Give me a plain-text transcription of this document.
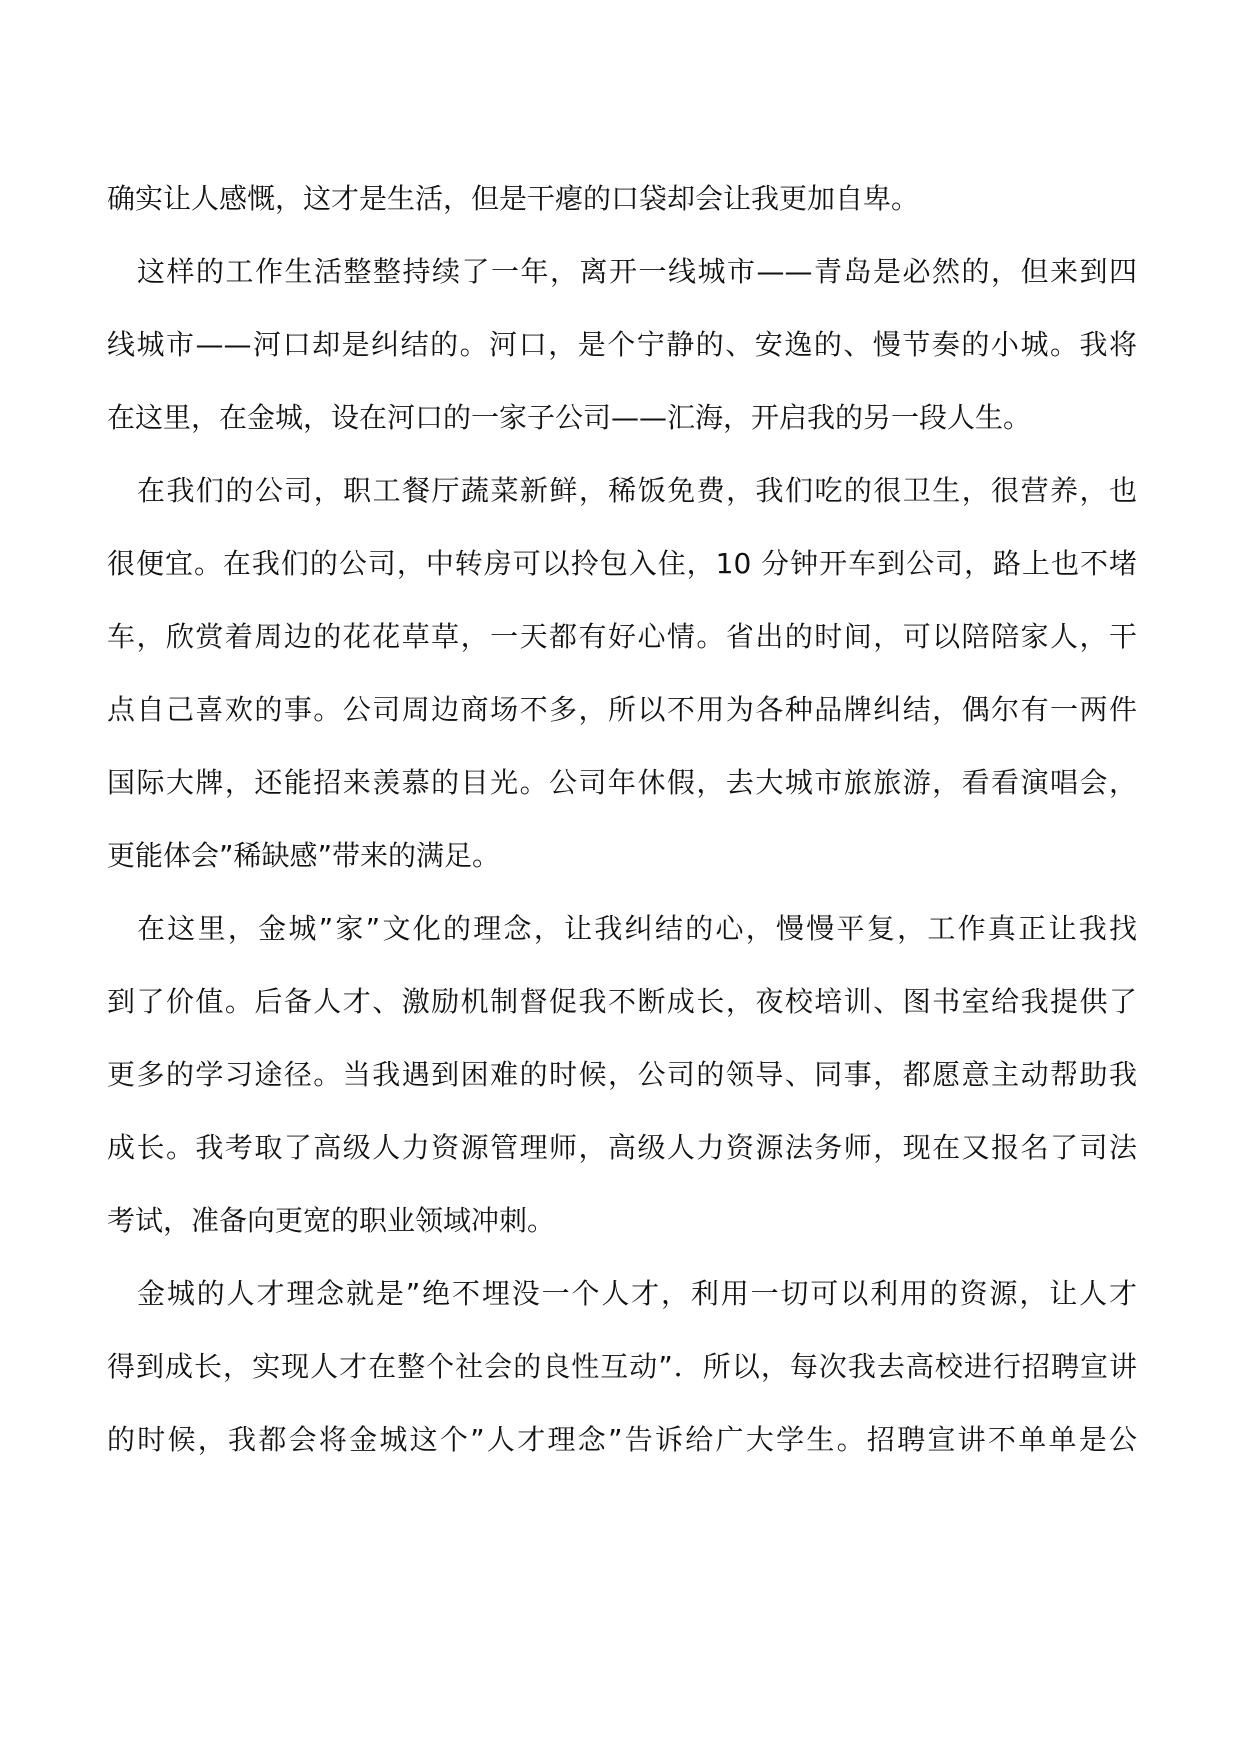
确实让人感慨，这才是生活，但是干瘪的口袋却会让我更加自卑。
这样的工作生活整整持续了一年，离开一线城市——青岛是必然的，但来到四
线城市——河口却是纠结的。河口，是个宁静的、安逸的、慢节奏的小城。我将
在这里，在金城，设在河口的一家子公司——汇海，开启我的另一段人生。
在我们的公司，职工餐厅蔬菜新鲜，稀饭免费，我们吃的很卫生，很营养，也
很便宜。在我们的公司，中转房可以拎包入住，10 分钟开车到公司，路上也不堵
车，欣赏着周边的花花草草，一天都有好心情。省出的时间，可以陪陪家人，干
点自己喜欢的事。公司周边商场不多，所以不用为各种品牌纠结，偶尔有一两件
国际大牌，还能招来羡慕的目光。公司年休假，去大城市旅旅游，看看演唱会，
更能体会”稀缺感”带来的满足。
在这里，金城”家”文化的理念，让我纠结的心，慢慢平复，工作真正让我找
到了价值。后备人才、激励机制督促我不断成长，夜校培训、图书室给我提供了
更多的学习途径。当我遇到困难的时候，公司的领导、同事，都愿意主动帮助我
成长。我考取了高级人力资源管理师，高级人力资源法务师，现在又报名了司法
考试，准备向更宽的职业领域冲刺。
金城的人才理念就是”绝不埋没一个人才，利用一切可以利用的资源，让人才
得到成长，实现人才在整个社会的良性互动”．所以，每次我去高校进行招聘宣讲
的时候，我都会将金城这个”人才理念”告诉给广大学生。招聘宣讲不单单是公
